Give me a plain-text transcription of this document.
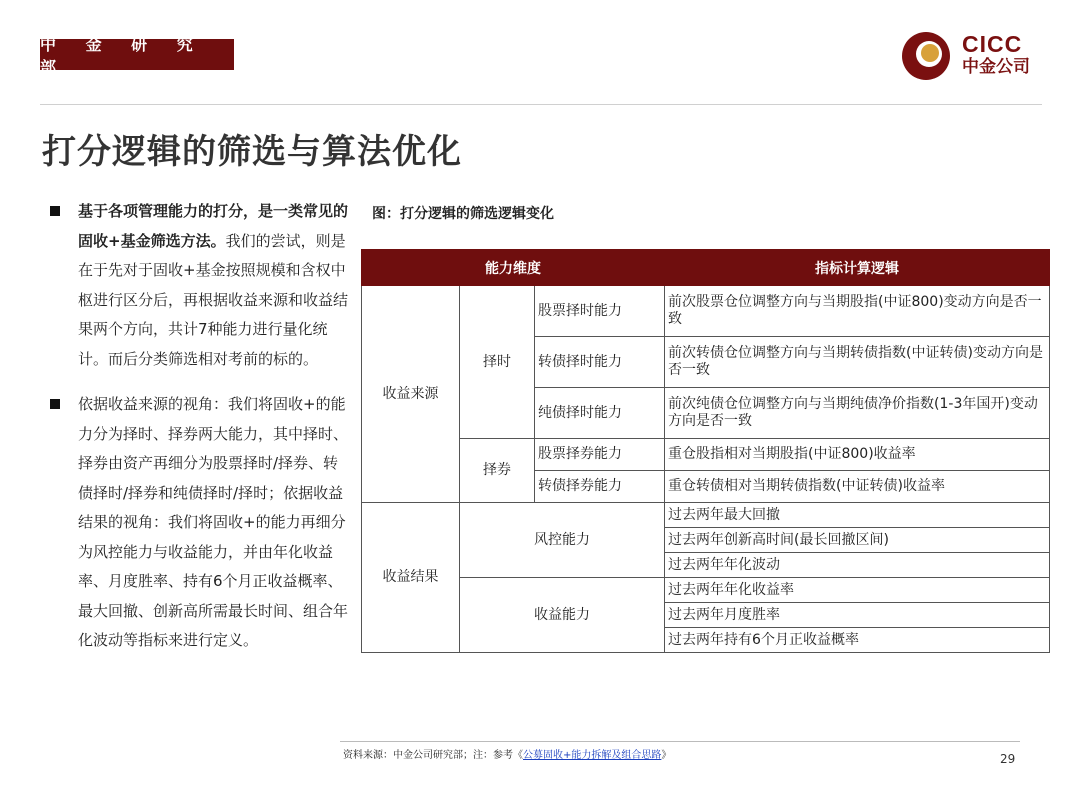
中 金 研 究 部
CICC
中金公司
打分逻辑的筛选与算法优化
基于各项管理能力的打分，是一类常见的固收+基金筛选方法。我们的尝试，则是在于先对于固收+基金按照规模和含权中枢进行区分后，再根据收益来源和收益结果两个方向，共计7种能力进行量化统计。而后分类筛选相对考前的标的。
依据收益来源的视角：我们将固收+的能力分为择时、择券两大能力，其中择时、择券由资产再细分为股票择时/择券、转债择时/择券和纯债择时/择时；依据收益结果的视角：我们将固收+的能力再细分为风控能力与收益能力，并由年化收益率、月度胜率、持有6个月正收益概率、最大回撤、创新高所需最长时间、组合年化波动等指标来进行定义。
图：打分逻辑的筛选逻辑变化
能力维度			指标计算逻辑
收益来源	择时	股票择时能力	前次股票仓位调整方向与当期股指(中证800)变动方向是否一致
		转债择时能力	前次转债仓位调整方向与当期转债指数(中证转债)变动方向是否一致
		纯债择时能力	前次纯债仓位调整方向与当期纯债净价指数(1-3年国开)变动方向是否一致
	择券	股票择券能力	重仓股指相对当期股指(中证800)收益率
		转债择券能力	重仓转债相对当期转债指数(中证转债)收益率
收益结果	风控能力		过去两年最大回撤
			过去两年创新高时间(最长回撤区间)
			过去两年年化波动
	收益能力		过去两年年化收益率
			过去两年月度胜率
			过去两年持有6个月正收益概率
资料来源：中金公司研究部；注：参考《公募固收+能力拆解及组合思路》	29
